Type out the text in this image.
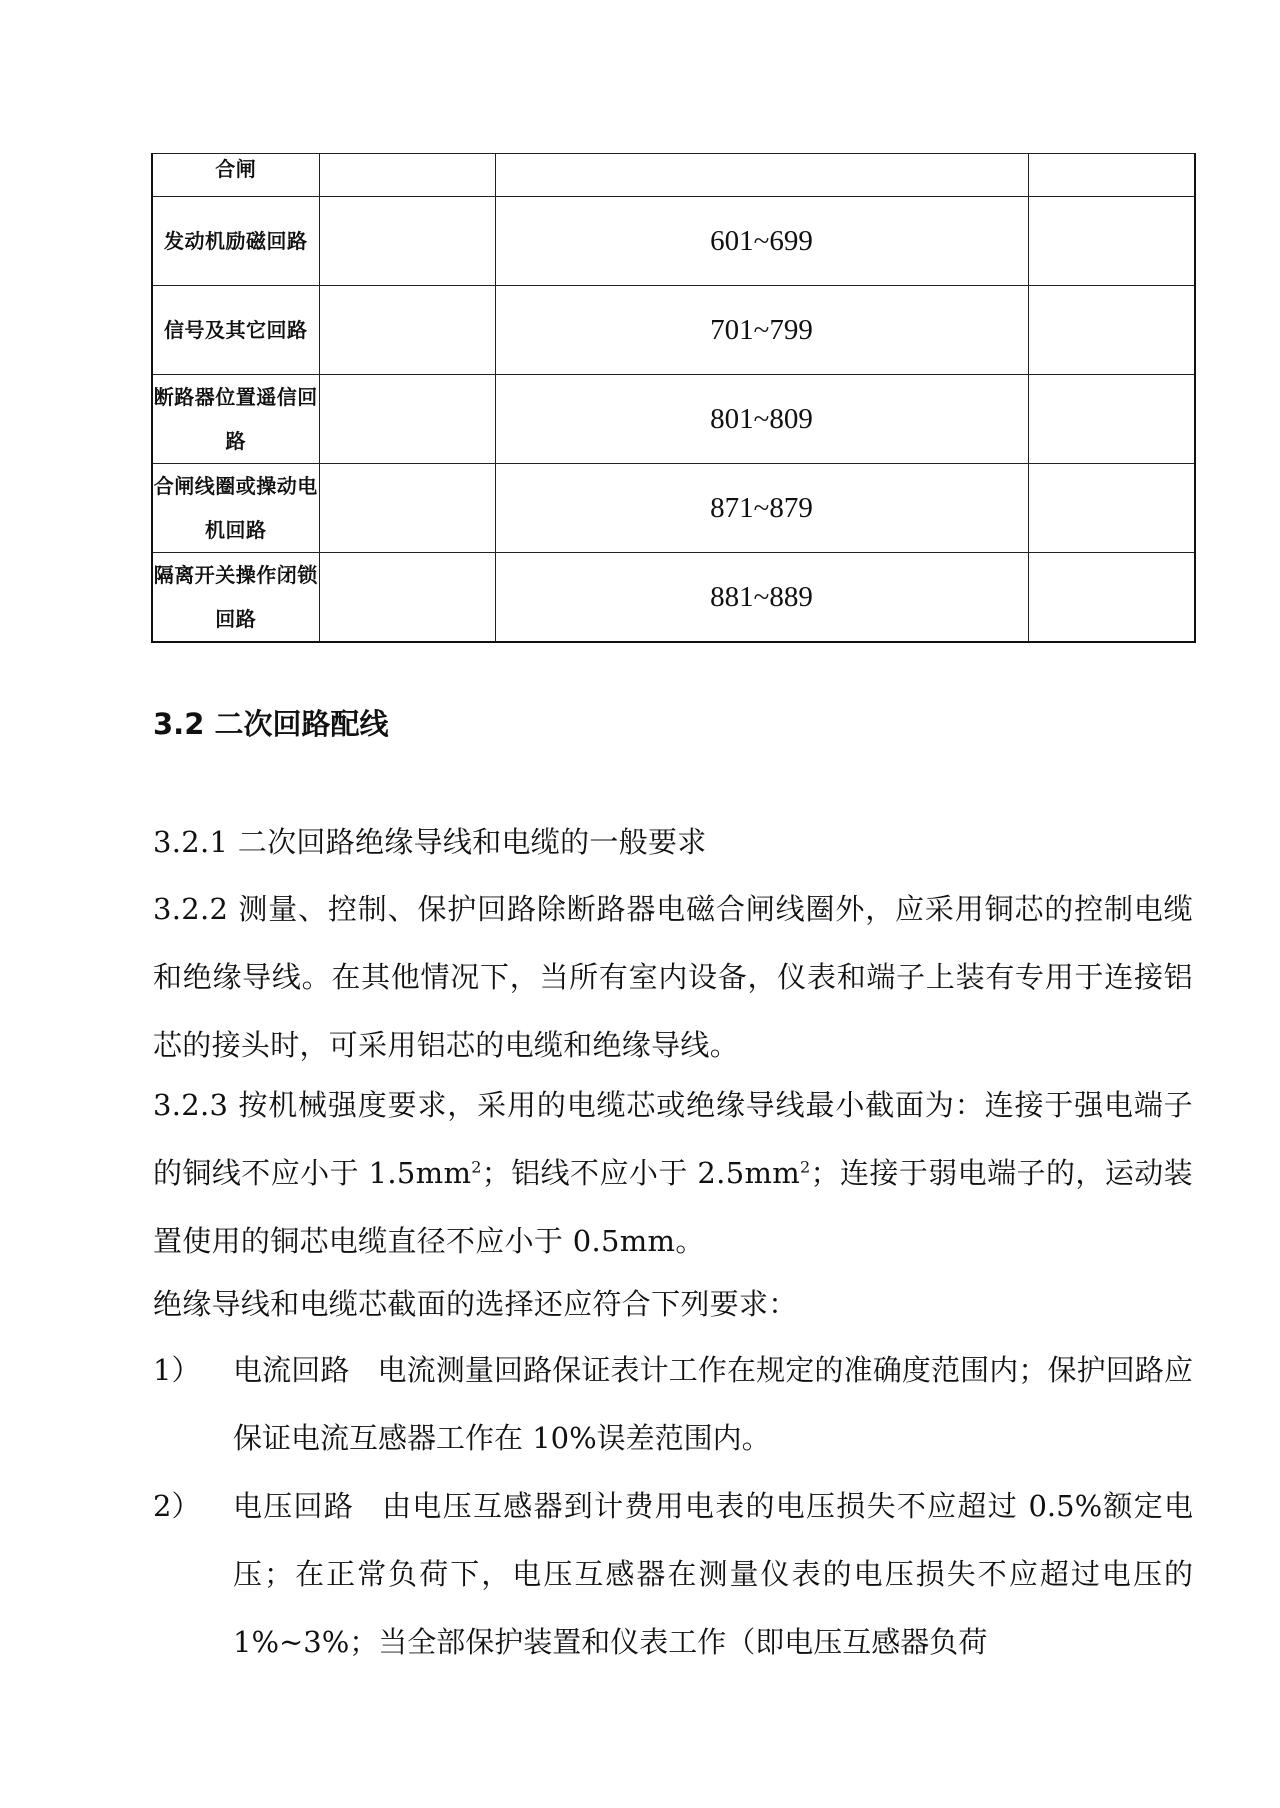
合闸			
发动机励磁回路		601~699	
信号及其它回路		701~799	
断路器位置遥信回路		801~809	
合闸线圈或操动电机回路		871~879	
隔离开关操作闭锁回路		881~889	
3.2 二次回路配线

3.2.1 二次回路绝缘导线和电缆的一般要求

3.2.2 测量、控制、保护回路除断路器电磁合闸线圈外，应采用铜芯的控制电缆和绝缘导线。在其他情况下，当所有室内设备，仪表和端子上装有专用于连接铝芯的接头时，可采用铝芯的电缆和绝缘导线。

3.2.3 按机械强度要求，采用的电缆芯或绝缘导线最小截面为：连接于强电端子的铜线不应小于 $1.5mm^2$；铝线不应小于 $2.5mm^2$；连接于弱电端子的，运动装置使用的铜芯电缆直径不应小于 0.5mm。

绝缘导线和电缆芯截面的选择还应符合下列要求：

1） 电流回路 电流测量回路保证表计工作在规定的准确度范围内；保护回路应保证电流互感器工作在 10%误差范围内。
2） 电压回路 由电压互感器到计费用电表的电压损失不应超过 0.5%额定电压；在正常负荷下，电压互感器在测量仪表的电压损失不应超过电压的 1%~3%；当全部保护装置和仪表工作（即电压互感器负荷
